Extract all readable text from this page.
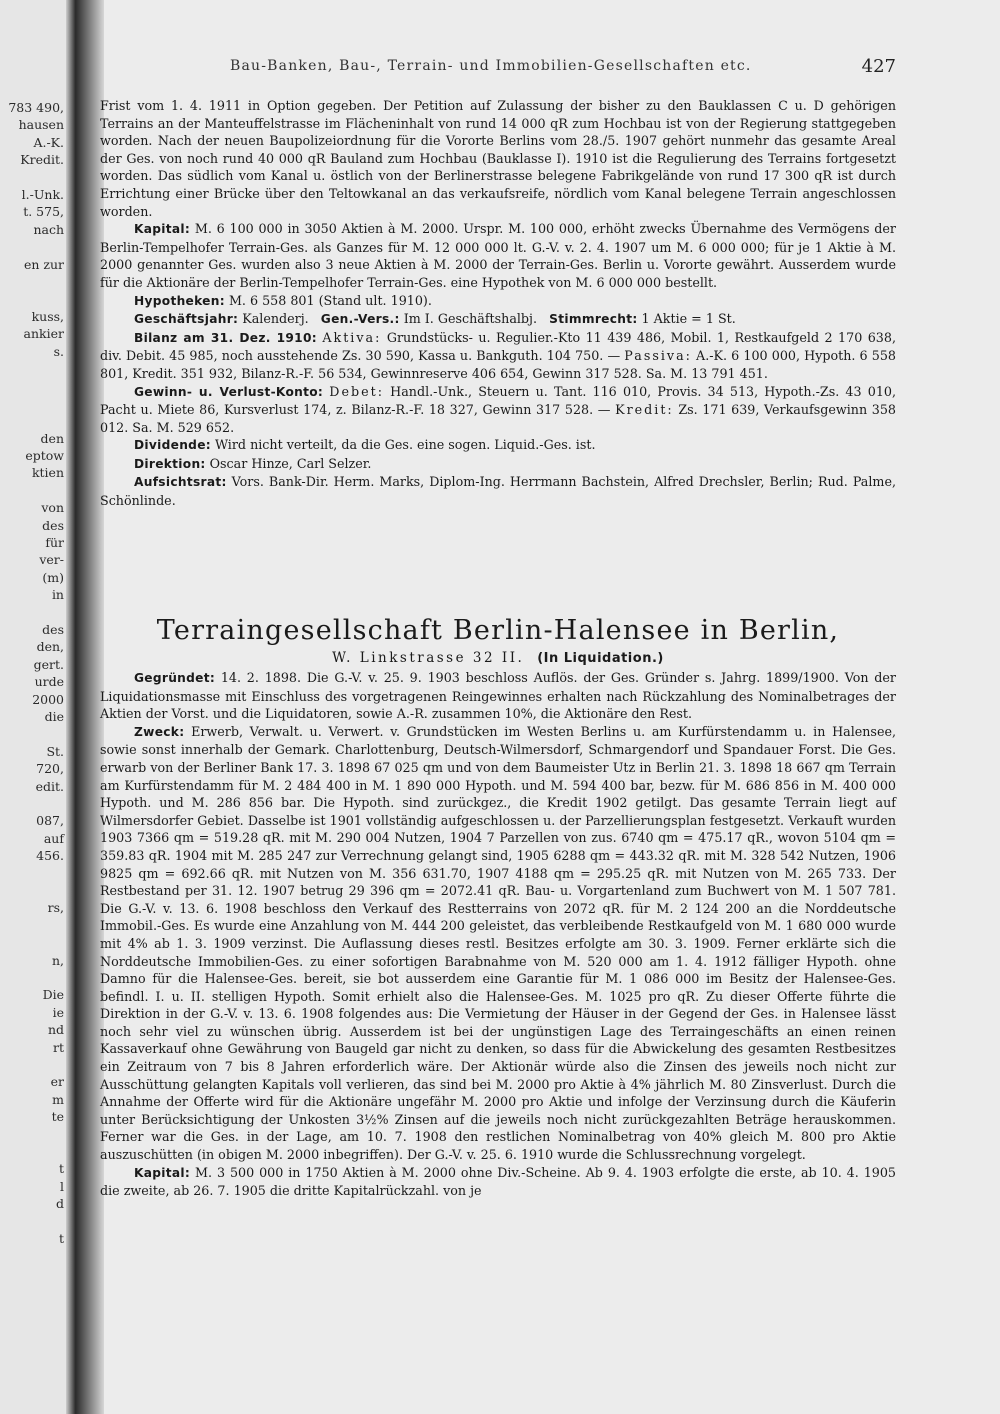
783 490,
hausen
A.-K.
Kredit.
l.-Unk.
t. 575,
nach
en zur
kuss,
ankier
s.
den
eptow
ktien
von
des
für
ver-
(m)
in
des
den,
gert.
urde
2000
die
St.
720,
edit.
087,
auf
456.
rs,
n,
Die
ie
nd
rt
er
m
te
t
l
d
t
Bau-Banken, Bau-, Terrain- und Immobilien-Gesellschaften etc.	427

Frist vom 1. 4. 1911 in Option gegeben. Der Petition auf Zulassung der bisher zu den Bauklassen C u. D gehörigen Terrains an der Manteuffelstrasse im Flächeninhalt von rund 14 000 qR zum Hochbau ist von der Regierung stattgegeben worden. Nach der neuen Baupolizeiordnung für die Vororte Berlins vom 28./5. 1907 gehört nunmehr das gesamte Areal der Ges. von noch rund 40 000 qR Bauland zum Hochbau (Bauklasse I). 1910 ist die Regulierung des Terrains fortgesetzt worden. Das südlich vom Kanal u. östlich von der Berlinerstrasse belegene Fabrikgelände von rund 17 300 qR ist durch Errichtung einer Brücke über den Teltowkanal an das verkaufsreife, nördlich vom Kanal belegene Terrain angeschlossen worden.

Kapital: M. 6 100 000 in 3050 Aktien à M. 2000. Urspr. M. 100 000, erhöht zwecks Übernahme des Vermögens der Berlin-Tempelhofer Terrain-Ges. als Ganzes für M. 12 000 000 lt. G.-V. v. 2. 4. 1907 um M. 6 000 000; für je 1 Aktie à M. 2000 genannter Ges. wurden also 3 neue Aktien à M. 2000 der Terrain-Ges. Berlin u. Vororte gewährt. Ausserdem wurde für die Aktionäre der Berlin-Tempelhofer Terrain-Ges. eine Hypothek von M. 6 000 000 bestellt.

Hypotheken: M. 6 558 801 (Stand ult. 1910).

Geschäftsjahr: Kalenderj. Gen.-Vers.: Im I. Geschäftshalbj. Stimmrecht: 1 Aktie = 1 St.

Bilanz am 31. Dez. 1910: Aktiva: Grundstücks- u. Regulier.-Kto 11 439 486, Mobil. 1, Restkaufgeld 2 170 638, div. Debit. 45 985, noch ausstehende Zs. 30 590, Kassa u. Bankguth. 104 750. — Passiva: A.-K. 6 100 000, Hypoth. 6 558 801, Kredit. 351 932, Bilanz-R.-F. 56 534, Gewinnreserve 406 654, Gewinn 317 528. Sa. M. 13 791 451.

Gewinn- u. Verlust-Konto: Debet: Handl.-Unk., Steuern u. Tant. 116 010, Provis. 34 513, Hypoth.-Zs. 43 010, Pacht u. Miete 86, Kursverlust 174, z. Bilanz-R.-F. 18 327, Gewinn 317 528. — Kredit: Zs. 171 639, Verkaufsgewinn 358 012. Sa. M. 529 652.

Dividende: Wird nicht verteilt, da die Ges. eine sogen. Liquid.-Ges. ist.

Direktion: Oscar Hinze, Carl Selzer.

Aufsichtsrat: Vors. Bank-Dir. Herm. Marks, Diplom-Ing. Herrmann Bachstein, Alfred Drechsler, Berlin; Rud. Palme, Schönlinde.

Terraingesellschaft Berlin-Halensee in Berlin,
W. Linkstrasse 32 II. (In Liquidation.)

Gegründet: 14. 2. 1898. Die G.-V. v. 25. 9. 1903 beschloss Auflös. der Ges. Gründer s. Jahrg. 1899/1900. Von der Liquidationsmasse mit Einschluss des vorgetragenen Reingewinnes erhalten nach Rückzahlung des Nominalbetrages der Aktien der Vorst. und die Liquidatoren, sowie A.-R. zusammen 10%, die Aktionäre den Rest.

Zweck: Erwerb, Verwalt. u. Verwert. v. Grundstücken im Westen Berlins u. am Kurfürstendamm u. in Halensee, sowie sonst innerhalb der Gemark. Charlottenburg, Deutsch-Wilmersdorf, Schmargendorf und Spandauer Forst. Die Ges. erwarb von der Berliner Bank 17. 3. 1898 67 025 qm und von dem Baumeister Utz in Berlin 21. 3. 1898 18 667 qm Terrain am Kurfürstendamm für M. 2 484 400 in M. 1 890 000 Hypoth. und M. 594 400 bar, bezw. für M. 686 856 in M. 400 000 Hypoth. und M. 286 856 bar. Die Hypoth. sind zurückgez., die Kredit 1902 getilgt. Das gesamte Terrain liegt auf Wilmersdorfer Gebiet. Dasselbe ist 1901 vollständig aufgeschlossen u. der Parzellierungsplan festgesetzt. Verkauft wurden 1903 7366 qm = 519.28 qR. mit M. 290 004 Nutzen, 1904 7 Parzellen von zus. 6740 qm = 475.17 qR., wovon 5104 qm = 359.83 qR. 1904 mit M. 285 247 zur Verrechnung gelangt sind, 1905 6288 qm = 443.32 qR. mit M. 328 542 Nutzen, 1906 9825 qm = 692.66 qR. mit Nutzen von M. 356 631.70, 1907 4188 qm = 295.25 qR. mit Nutzen von M. 265 733. Der Restbestand per 31. 12. 1907 betrug 29 396 qm = 2072.41 qR. Bau- u. Vorgartenland zum Buchwert von M. 1 507 781. Die G.-V. v. 13. 6. 1908 beschloss den Verkauf des Restterrains von 2072 qR. für M. 2 124 200 an die Norddeutsche Immobil.-Ges. Es wurde eine Anzahlung von M. 444 200 geleistet, das verbleibende Restkaufgeld von M. 1 680 000 wurde mit 4% ab 1. 3. 1909 verzinst. Die Auflassung dieses restl. Besitzes erfolgte am 30. 3. 1909. Ferner erklärte sich die Norddeutsche Immobilien-Ges. zu einer sofortigen Barabnahme von M. 520 000 am 1. 4. 1912 fälliger Hypoth. ohne Damno für die Halensee-Ges. bereit, sie bot ausserdem eine Garantie für M. 1 086 000 im Besitz der Halensee-Ges. befindl. I. u. II. stelligen Hypoth. Somit erhielt also die Halensee-Ges. M. 1025 pro qR. Zu dieser Offerte führte die Direktion in der G.-V. v. 13. 6. 1908 folgendes aus: Die Vermietung der Häuser in der Gegend der Ges. in Halensee lässt noch sehr viel zu wünschen übrig. Ausserdem ist bei der ungünstigen Lage des Terraingeschäfts an einen reinen Kassaverkauf ohne Gewährung von Baugeld gar nicht zu denken, so dass für die Abwickelung des gesamten Restbesitzes ein Zeitraum von 7 bis 8 Jahren erforderlich wäre. Der Aktionär würde also die Zinsen des jeweils noch nicht zur Ausschüttung gelangten Kapitals voll verlieren, das sind bei M. 2000 pro Aktie à 4% jährlich M. 80 Zinsverlust. Durch die Annahme der Offerte wird für die Aktionäre ungefähr M. 2000 pro Aktie und infolge der Verzinsung durch die Käuferin unter Berücksichtigung der Unkosten 3½% Zinsen auf die jeweils noch nicht zurückgezahlten Beträge herauskommen. Ferner war die Ges. in der Lage, am 10. 7. 1908 den restlichen Nominalbetrag von 40% gleich M. 800 pro Aktie auszuschütten (in obigen M. 2000 inbegriffen). Der G.-V. v. 25. 6. 1910 wurde die Schlussrechnung vorgelegt.

Kapital: M. 3 500 000 in 1750 Aktien à M. 2000 ohne Div.-Scheine. Ab 9. 4. 1903 erfolgte die erste, ab 10. 4. 1905 die zweite, ab 26. 7. 1905 die dritte Kapitalrückzahl. von je
